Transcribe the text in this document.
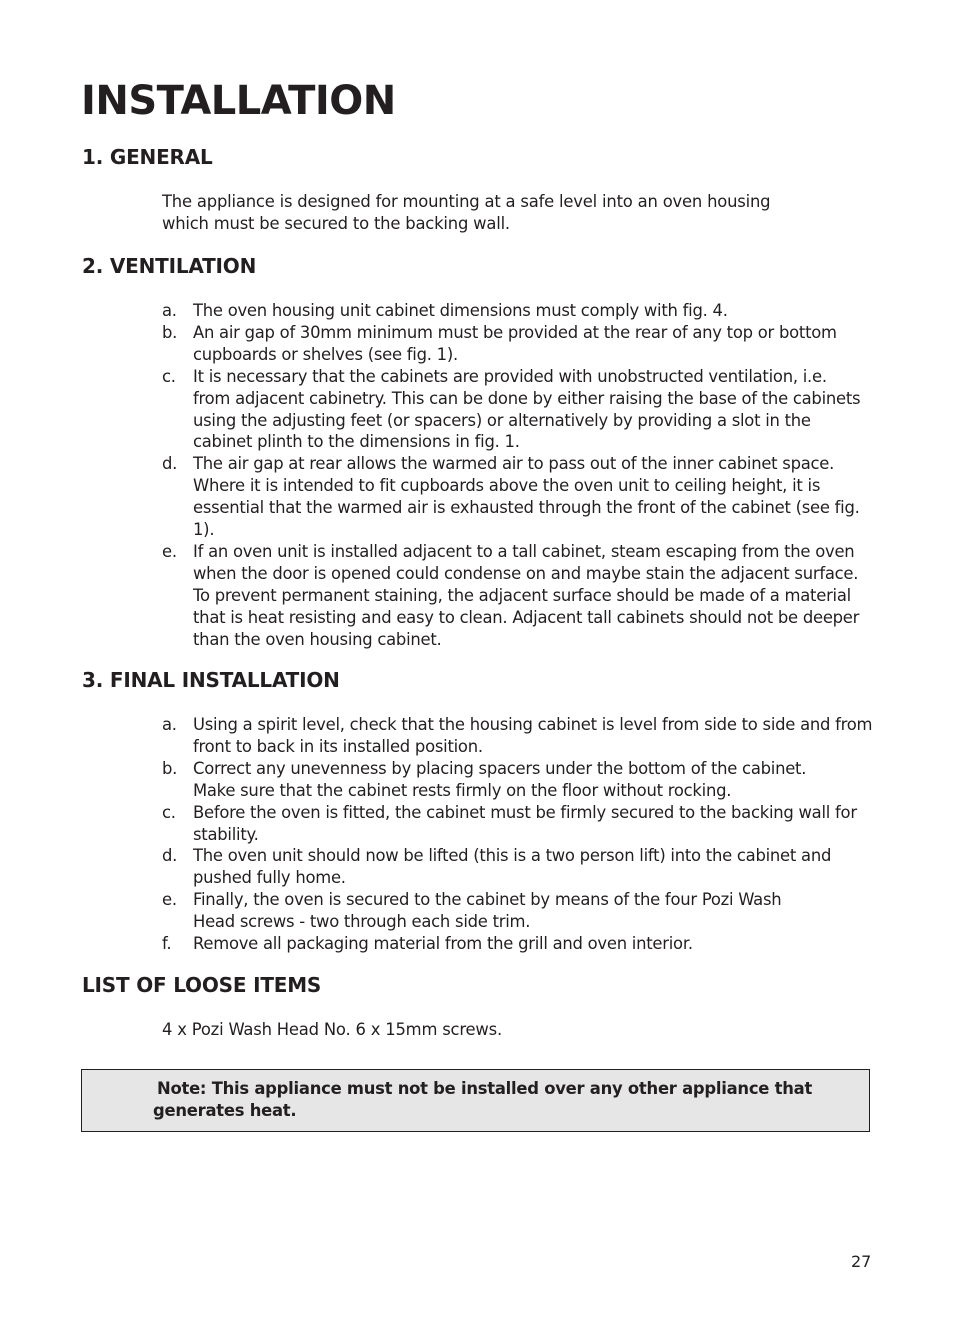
INSTALLATION
1. GENERAL

The appliance is designed for mounting at a safe level into an oven housing
which must be secured to the backing wall.

2. VENTILATION
a. The oven housing unit cabinet dimensions must comply with fig. 4.
b. An air gap of 30mm minimum must be provided at the rear of any top or bottom cupboards or shelves (see fig. 1).
c.	It is necessary that the cabinets are provided with unobstructed ventilation, i.e. from adjacent cabinetry. This can be done by either raising the base of the cabinets using the adjusting feet (or spacers) or alternatively by providing a slot in the cabinet plinth to the dimensions in fig. 1.
d. The air gap at rear allows the warmed air to pass out of the inner cabinet space. Where it is intended to fit cupboards above the oven unit to ceiling height, it is essential that the warmed air is exhausted through the front of the cabinet (see fig. 1).
e. If an oven unit is installed adjacent to a tall cabinet, steam escaping from the oven when the door is opened could condense on and maybe stain the adjacent surface. To prevent permanent staining, the adjacent surface should be made of a material that is heat resisting and easy to clean. Adjacent tall cabinets should not be deeper than the oven housing cabinet.
3. FINAL INSTALLATION
a. Using a spirit level, check that the housing cabinet is level from side to side and from front to back in its installed position.
b. Correct any unevenness by placing spacers under the bottom of the cabinet.
Make sure that the cabinet rests firmly on the floor without rocking.
c.	Before the oven is fitted, the cabinet must be firmly secured to the backing wall for stability.
d. The oven unit should now be lifted (this is a two person lift) into the cabinet and pushed fully home.
e. Finally, the oven is secured to the cabinet by means of the four Pozi Wash
Head screws - two through each side trim.
f.	Remove all packaging material from the grill and oven interior.
LIST OF LOOSE ITEMS

4 x Pozi Wash Head No. 6 x 15mm screws.

Note: This appliance must not be installed over any other appliance that
generates heat.

27
